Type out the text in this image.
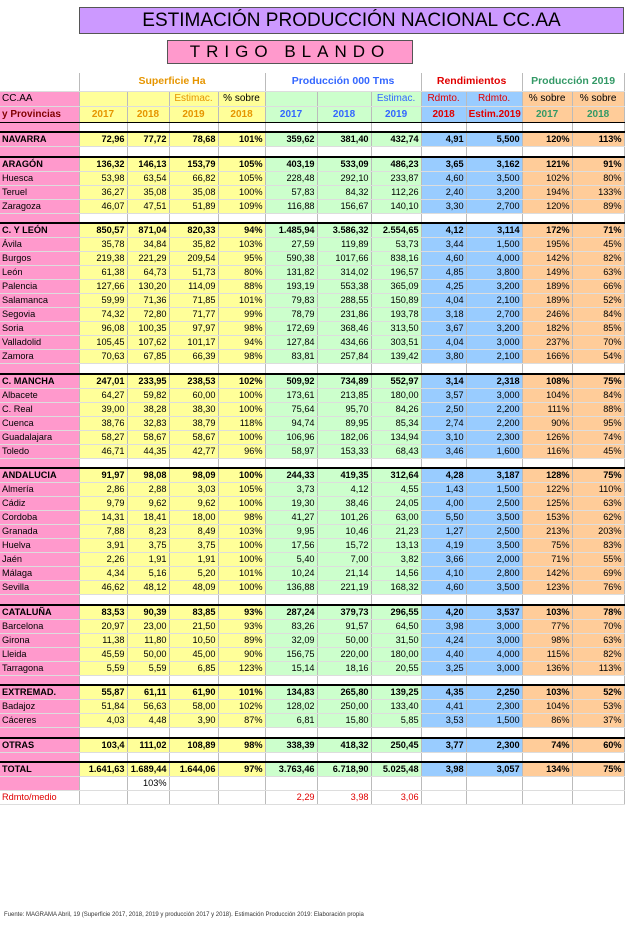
ESTIMACIÓN PRODUCCIÓN NACIONAL CC.AA
TRIGO BLANDO
	Superficie Ha				Producción 000 Tms			Rendimientos		Producción 2019	
CC.AA			Estimac.	% sobre			Estimac.	Rdmto.	Rdmto.	% sobre	% sobre
y Provincias	2017	2018	2019	2018	2017	2018	2019	2018	Estim.2019	2017	2018

NAVARRA	72,96	77,72	78,68	101%	359,62	381,40	432,74	4,91	5,500	120%	113%

ARAGÓN	136,32	146,13	153,79	105%	403,19	533,09	486,23	3,65	3,162	121%	91%
Huesca	53,98	63,54	66,82	105%	228,48	292,10	233,87	4,60	3,500	102%	80%
Teruel	36,27	35,08	35,08	100%	57,83	84,32	112,26	2,40	3,200	194%	133%
Zaragoza	46,07	47,51	51,89	109%	116,88	156,67	140,10	3,30	2,700	120%	89%

C. Y LEÓN	850,57	871,04	820,33	94%	1.485,94	3.586,32	2.554,65	4,12	3,114	172%	71%
Ávila	35,78	34,84	35,82	103%	27,59	119,89	53,73	3,44	1,500	195%	45%
Burgos	219,38	221,29	209,54	95%	590,38	1017,66	838,16	4,60	4,000	142%	82%
León	61,38	64,73	51,73	80%	131,82	314,02	196,57	4,85	3,800	149%	63%
Palencia	127,66	130,20	114,09	88%	193,19	553,38	365,09	4,25	3,200	189%	66%
Salamanca	59,99	71,36	71,85	101%	79,83	288,55	150,89	4,04	2,100	189%	52%
Segovia	74,32	72,80	71,77	99%	78,79	231,86	193,78	3,18	2,700	246%	84%
Soria	96,08	100,35	97,97	98%	172,69	368,46	313,50	3,67	3,200	182%	85%
Valladolid	105,45	107,62	101,17	94%	127,84	434,66	303,51	4,04	3,000	237%	70%
Zamora	70,63	67,85	66,39	98%	83,81	257,84	139,42	3,80	2,100	166%	54%

C. MANCHA	247,01	233,95	238,53	102%	509,92	734,89	552,97	3,14	2,318	108%	75%
Albacete	64,27	59,82	60,00	100%	173,61	213,85	180,00	3,57	3,000	104%	84%
C. Real	39,00	38,28	38,30	100%	75,64	95,70	84,26	2,50	2,200	111%	88%
Cuenca	38,76	32,83	38,79	118%	94,74	89,95	85,34	2,74	2,200	90%	95%
Guadalajara	58,27	58,67	58,67	100%	106,96	182,06	134,94	3,10	2,300	126%	74%
Toledo	46,71	44,35	42,77	96%	58,97	153,33	68,43	3,46	1,600	116%	45%

ANDALUCIA	91,97	98,08	98,09	100%	244,33	419,35	312,64	4,28	3,187	128%	75%
Almería	2,86	2,88	3,03	105%	3,73	4,12	4,55	1,43	1,500	122%	110%
Cádiz	9,79	9,62	9,62	100%	19,30	38,46	24,05	4,00	2,500	125%	63%
Cordoba	14,31	18,41	18,00	98%	41,27	101,26	63,00	5,50	3,500	153%	62%
Granada	7,88	8,23	8,49	103%	9,95	10,46	21,23	1,27	2,500	213%	203%
Huelva	3,91	3,75	3,75	100%	17,56	15,72	13,13	4,19	3,500	75%	83%
Jaén	2,26	1,91	1,91	100%	5,40	7,00	3,82	3,66	2,000	71%	55%
Málaga	4,34	5,16	5,20	101%	10,24	21,14	14,56	4,10	2,800	142%	69%
Sevilla	46,62	48,12	48,09	100%	136,88	221,19	168,32	4,60	3,500	123%	76%

CATALUÑA	83,53	90,39	83,85	93%	287,24	379,73	296,55	4,20	3,537	103%	78%
Barcelona	20,97	23,00	21,50	93%	83,26	91,57	64,50	3,98	3,000	77%	70%
Girona	11,38	11,80	10,50	89%	32,09	50,00	31,50	4,24	3,000	98%	63%
Lleida	45,59	50,00	45,00	90%	156,75	220,00	180,00	4,40	4,000	115%	82%
Tarragona	5,59	5,59	6,85	123%	15,14	18,16	20,55	3,25	3,000	136%	113%

EXTREMAD.	55,87	61,11	61,90	101%	134,83	265,80	139,25	4,35	2,250	103%	52%
Badajoz	51,84	56,63	58,00	102%	128,02	250,00	133,40	4,41	2,300	104%	53%
Cáceres	4,03	4,48	3,90	87%	6,81	15,80	5,85	3,53	1,500	86%	37%

OTRAS	103,4	111,02	108,89	98%	338,39	418,32	250,45	3,77	2,300	74%	60%

TOTAL	1.641,63	1.689,44	1.644,06	97%	3.763,46	6.718,90	5.025,48	3,98	3,057	134%	75%
		103%									
Rdmto/medio					2,29	3,98	3,06				
Fuente: MAGRAMA Abril, 19 (Superficie 2017, 2018, 2019 y producción 2017 y 2018). Estimación Producción 2019: Elaboración propia
